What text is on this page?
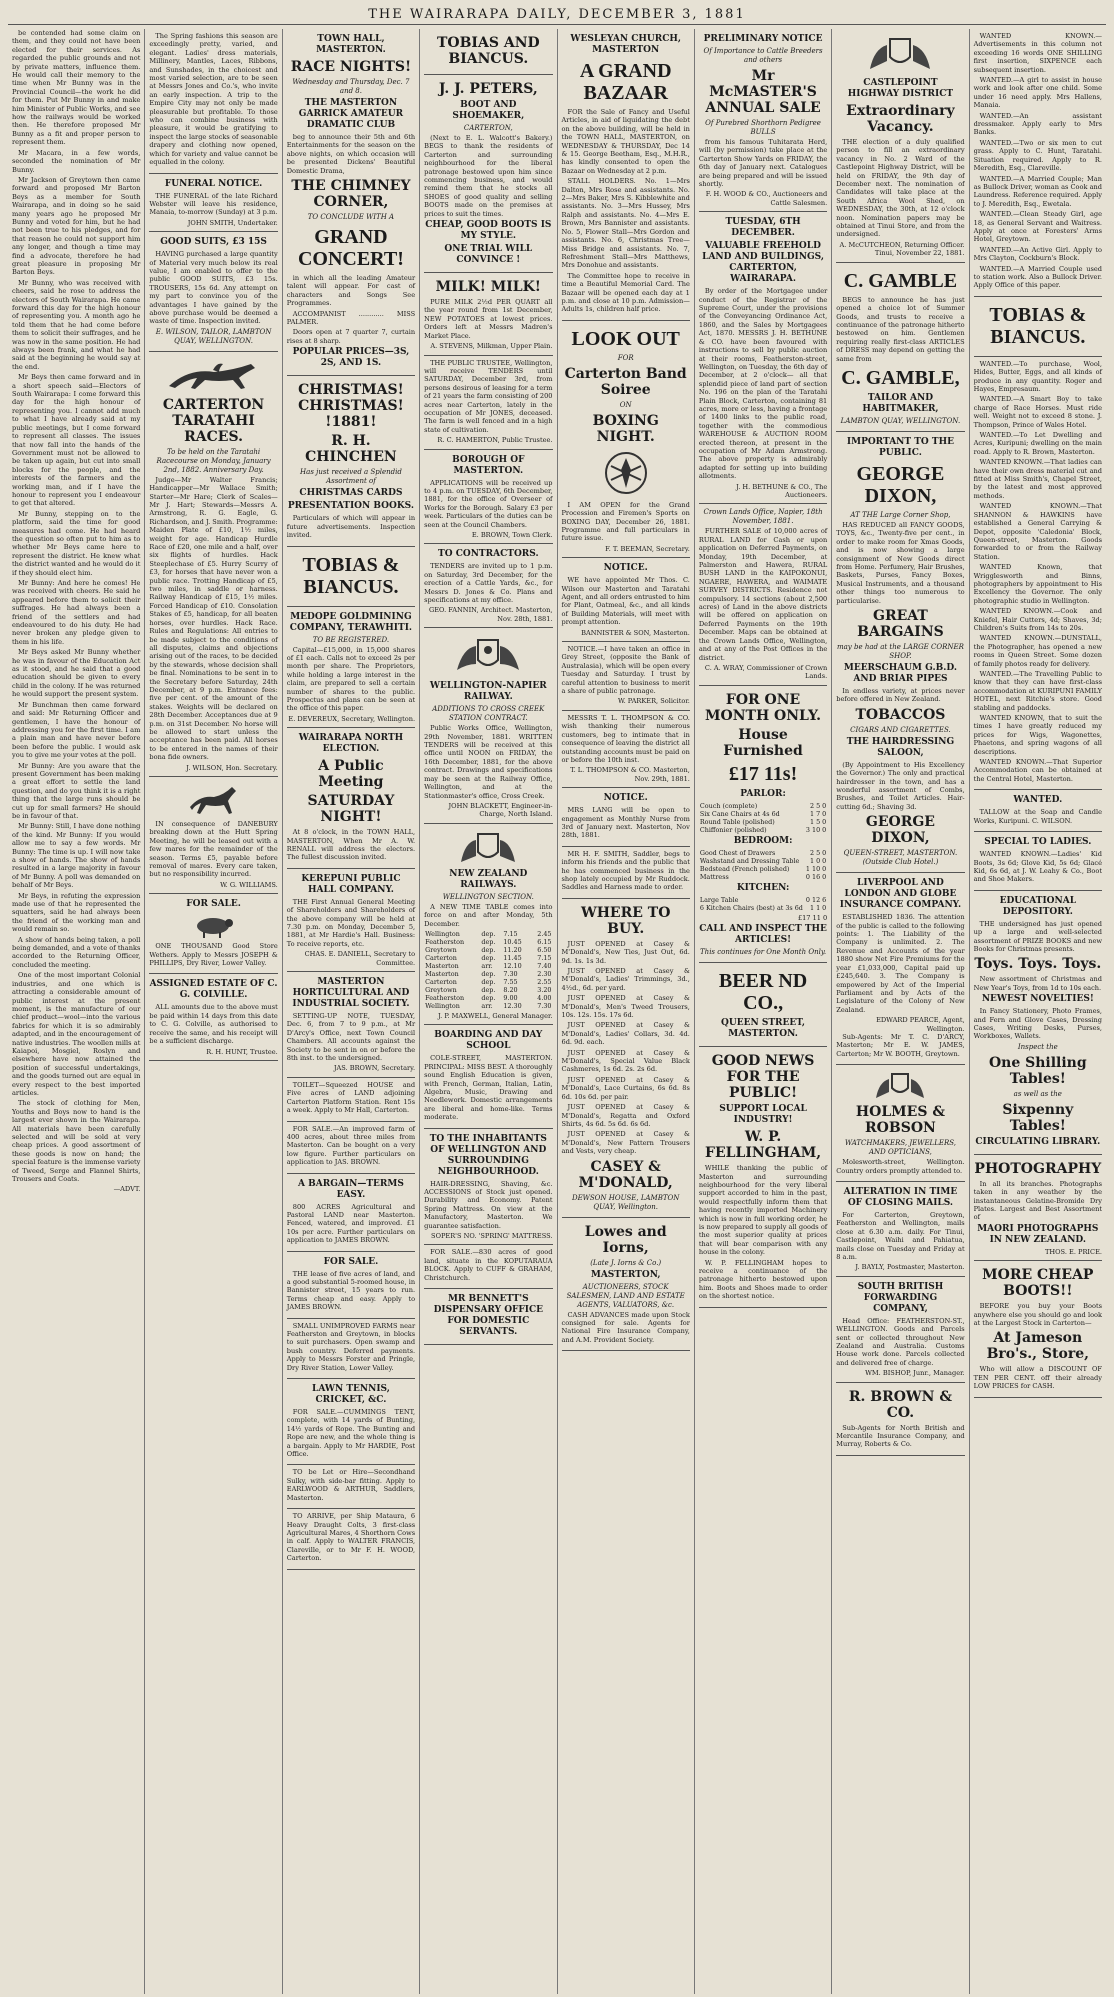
THE WAIRARAPA DAILY, DECEMBER 3, 1881

be contended had some claim on them, and they could not have been elected for their services. As regarded the public grounds and not by private matters, influence them. He would call their memory to the time when Mr Bunny was in the Provincial Council—the work he did for them. Put Mr Bunny in and make him Minister of Public Works, and see how the railways would be worked then. He therefore proposed Mr Bunny as a fit and proper person to represent them.

Mr Macara, in a few words, seconded the nomination of Mr Bunny.

Mr Jackson of Greytown then came forward and proposed Mr Barton Beys as a member for South Wairarapa, and in doing so he said many years ago he proposed Mr Bunny and voted for him, but he had not been true to his pledges, and for that reason he could not support him any longer, and though a time may find a advocate, therefore he had great pleasure in proposing Mr Barton Beys.

Mr Bunny, who was received with cheers, said he rose to address the electors of South Wairarapa. He came forward this day for the high honour of representing you. A month ago he told them that he had come before them to solicit their suffrages, and he was now in the same position. He had always been frank, and what he had said at the beginning he would say at the end.

Mr Beys then came forward and in a short speech said—Electors of South Wairarapa: I come forward this day for the high honour of representing you. I cannot add much to what I have already said at my public meetings, but I come forward to represent all classes. The issues that now fall into the hands of the Government must not be allowed to be taken up again, but cut into small blocks for the people, and the interests of the farmers and the working man, and if I have the honour to represent you I endeavour to get that altered.

Mr Bunny, stepping on to the platform, said the time for good measures had come. He had heard the question so often put to him as to whether Mr Beys came here to represent the district. He knew what the district wanted and he would do it if they should elect him.

Mr Bunny: And here he comes! He was received with cheers. He said he appeared before them to solicit their suffrages. He had always been a friend of the settlers and had endeavoured to do his duty. He had never broken any pledge given to them in his life.

Mr Beys asked Mr Bunny whether he was in favour of the Education Act as it stood, and he said that a good education should be given to every child in the colony. If he was returned he would support the present system.

Mr Bunchman then came forward and said: Mr Returning Officer and gentlemen, I have the honour of addressing you for the first time. I am a plain man and have never before been before the public. I would ask you to give me your votes at the poll.

Mr Bunny: Are you aware that the present Government has been making a great effort to settle the land question, and do you think it is a right thing that the large runs should be cut up for small farmers? He should be in favour of that.

Mr Bunny: Still, I have done nothing of the kind. Mr Bunny: If you would allow me to say a few words. Mr Bunny: The time is up. I will now take a show of hands. The show of hands resulted in a large majority in favour of Mr Bunny. A poll was demanded on behalf of Mr Beys.

Mr Beys, in refuting the expression made use of that he represented the squatters, said he had always been the friend of the working man and would remain so.

A show of hands being taken, a poll being demanded, and a vote of thanks accorded to the Returning Officer, concluded the meeting.

One of the most important Colonial industries, and one which is attracting a considerable amount of public interest at the present moment, is the manufacture of our chief product—wool—into the various fabrics for which it is so admirably adapted, and in the encouragement of native industries. The woollen mills at Kaiapoi, Mosgiel, Roslyn and elsewhere have now attained the position of successful undertakings, and the goods turned out are equal in every respect to the best imported articles.

The stock of clothing for Men, Youths and Boys now to hand is the largest ever shown in the Wairarapa. All materials have been carefully selected and will be sold at very cheap prices. A good assortment of these goods is now on hand; the special feature is the immense variety of Tweed, Serge and Flannel Shirts, Trousers and Coats.

—ADVT.

The Spring fashions this season are exceedingly pretty, varied, and elegant. Ladies' dress materials, Millinery, Mantles, Laces, Ribbons, and Sunshades, in the choicest and most varied selection, are to be seen at Messrs Jones and Co.'s, who invite an early inspection. A trip to the Empire City may not only be made pleasurable but profitable. To those who can combine business with pleasure, it would be gratifying to inspect the large stocks of seasonable drapery and clothing now opened, which for variety and value cannot be equalled in the colony.

FUNERAL NOTICE.

THE FUNERAL of the late Richard Webster will leave his residence, Manaia, to-morrow (Sunday) at 3 p.m.

JOHN SMITH, Undertaker.
GOOD SUITS, £3 15S

HAVING purchased a large quantity of Material very much below its real value, I am enabled to offer to the public GOOD SUITS, £3 15s. TROUSERS, 15s 6d. Any attempt on my part to convince you of the advantages I have gained by the above purchase would be deemed a waste of time. Inspection invited.

E. WILSON, TAILOR, LAMBTON QUAY, WELLINGTON.
CARTERTON TARATAHI RACES.
To be held on the Taratahi Racecourse on Monday, January 2nd, 1882. Anniversary Day.

Judge—Mr Walter Francis; Handicapper—Mr Wallace Smith; Starter—Mr Hare; Clerk of Scales—Mr J. Hart; Stewards—Messrs A. Armstrong, R. G. Eagle, G. Richardson, and J. Smith. Programme: Maiden Plate of £10, 1½ miles, weight for age. Handicap Hurdle Race of £20, one mile and a half, over six flights of hurdles. Hack Steeplechase of £5. Hurry Scurry of £3, for horses that have never won a public race. Trotting Handicap of £5, two miles, in saddle or harness. Railway Handicap of £15, 1½ miles. Forced Handicap of £10. Consolation Stakes of £5, handicap, for all beaten horses, over hurdles. Hack Race. Rules and Regulations: All entries to be made subject to the conditions of all disputes, claims and objections arising out of the races, to be decided by the stewards, whose decision shall be final. Nominations to be sent in to the Secretary before Saturday, 24th December, at 9 p.m. Entrance fees: five per cent. of the amount of the stakes. Weights will be declared on 28th December. Acceptances due at 9 p.m. on 31st December. No horse will be allowed to start unless the acceptance has been paid. All horses to be entered in the names of their bona fide owners.

J. WILSON, Hon. Secretary.

IN consequence of DANEBURY breaking down at the Hutt Spring Meeting, he will be leased out with a few mares for the remainder of the season. Terms £5, payable before removal of mares. Every care taken, but no responsibility incurred.

W. G. WILLIAMS.
FOR SALE.

ONE THOUSAND Good Store Wethers. Apply to Messrs JOSEPH & PHILLIPS, Dry River, Lower Valley.

ASSIGNED ESTATE OF C. G. COLVILLE.

ALL amounts due to the above must be paid within 14 days from this date to C. G. Colville, as authorised to receive the same, and his receipt will be a sufficient discharge.

R. H. HUNT, Trustee.
TOWN HALL, MASTERTON.
RACE NIGHTS!
Wednesday and Thursday, Dec. 7 and 8.
THE MASTERTON GARRICK AMATEUR DRAMATIC CLUB

beg to announce their 5th and 6th Entertainments for the season on the above nights, on which occasion will be presented Dickens' Beautiful Domestic Drama,

THE CHIMNEY CORNER,
TO CONCLUDE WITH A
GRAND CONCERT!

in which all the leading Amateur talent will appear. For cast of characters and Songs See Programmes.

ACCOMPANIST ............ MISS PALMER.

Doors open at 7 quarter 7, curtain rises at 8 sharp.

POPULAR PRICES—3S, 2S, AND 1S.
CHRISTMAS! CHRISTMAS! !1881!
R. H. CHINCHEN
Has just received a Splendid Assortment of
CHRISTMAS CARDS
PRESENTATION BOOKS.

Particulars of which will appear in future advertisements. Inspection invited.

TOBIAS & BIANCUS.
MEDOPE GOLDMINING COMPANY, TERAWHITI.
TO BE REGISTERED.

Capital—£15,000, in 15,000 shares of £1 each. Calls not to exceed 2s per month per share. The Proprietors, while holding a large interest in the claim, are prepared to sell a certain number of shares to the public. Prospectus and plans can be seen at the office of this paper.

E. DEVEREUX, Secretary, Wellington.
WAIRARAPA NORTH ELECTION.
A Public Meeting
SATURDAY NIGHT!

At 8 o'clock, in the TOWN HALL, MASTERTON, When Mr A. W. RENALL will address the electors. The fullest discussion invited.

KEREPUNI PUBLIC HALL COMPANY.

THE First Annual General Meeting of Shareholders and Shareholders of the above company will be held at 7.30 p.m. on Monday, December 5, 1881, at Mr Hardie's Hall. Business: To receive reports, etc.

CHAS. E. DANIELL, Secretary to Committee.
MASTERTON HORTICULTURAL AND INDUSTRIAL SOCIETY.

SETTING-UP NOTE, TUESDAY, Dec. 6, from 7 to 9 p.m., at Mr D'Arcy's Office, next Town Council Chambers. All accounts against the Society to be sent in on or before the 8th inst. to the undersigned.

JAS. BROWN, Secretary.

TOILET—Squeezed HOUSE and Five acres of LAND adjoining Carterton Platform Station. Rent 15s a week. Apply to Mr Hall, Carterton.

FOR SALE.—An improved farm of 400 acres, about three miles from Masterton. Can be bought on a very low figure. Further particulars on application to JAS. BROWN.

A BARGAIN—TERMS EASY.

800 ACRES Agricultural and Pastoral LAND near Masterton. Fenced, watered, and improved. £1 10s per acre. Further particulars on application to JAMES BROWN.

FOR SALE.

THE lease of five acres of land, and a good substantial 5-roomed house, in Bannister street, 15 years to run. Terms cheap and easy. Apply to JAMES BROWN.

SMALL UNIMPROVED FARMS near Featherston and Greytown, in blocks to suit purchasers. Open swamp and bush country. Deferred payments. Apply to Messrs Forster and Pringle, Dry River Station, Lower Valley.

LAWN TENNIS, CRICKET, &C.

FOR SALE.—CUMMINGS TENT, complete, with 14 yards of Bunting, 14½ yards of Rope. The Bunting and Rope are new, and the whole thing is a bargain. Apply to Mr HARDIE, Post Office.

TO be Let or Hire—Secondhand Sulky, with side-bar fitting. Apply to EARLWOOD & ARTHUR, Saddlers, Masterton.

TO ARRIVE, per Ship Mataura, 6 Heavy Draught Colts, 3 first-class Agricultural Mares, 4 Shorthorn Cows in calf. Apply to WALTER FRANCIS, Clareville, or to Mr F. H. WOOD, Carterton.

TOBIAS AND BIANCUS.
J. J. PETERS,
BOOT AND SHOEMAKER,
CARTERTON,

(Next to E. L. Walcott's Bakery.) BEGS to thank the residents of Carterton and surrounding neighbourhood for the liberal patronage bestowed upon him since commencing business, and would remind them that he stocks all SHOES of good quality and selling BOOTS made on the premises at prices to suit the times.

CHEAP, GOOD BOOTS IS MY STYLE.
ONE TRIAL WILL CONVINCE !
MILK! MILK!

PURE MILK 2½d PER QUART all the year round from 1st December, NEW POTATOES at lowest prices. Orders left at Messrs Madren's Market Place.

A. STEVENS, Milkman, Upper Plain.

THE PUBLIC TRUSTEE, Wellington, will receive TENDERS until SATURDAY, December 3rd, from persons desirous of leasing for a term of 21 years the farm consisting of 200 acres near Carterton, lately in the occupation of Mr JONES, deceased. The farm is well fenced and in a high state of cultivation.

R. C. HAMERTON, Public Trustee.
BOROUGH OF MASTERTON.

APPLICATIONS will be received up to 4 p.m. on TUESDAY, 6th December, 1881, for the office of Overseer of Works for the Borough. Salary £3 per week. Particulars of the duties can be seen at the Council Chambers.

E. BROWN, Town Clerk.
TO CONTRACTORS.

TENDERS are invited up to 1 p.m. on Saturday, 3rd December, for the erection of a Cattle Yards, &c., for Messrs D. Jones & Co. Plans and specifications at my office.

GEO. FANNIN, Architect. Masterton, Nov. 28th, 1881.
WELLINGTON-NAPIER RAILWAY.
ADDITIONS TO CROSS CREEK STATION CONTRACT.

Public Works Office, Wellington, 29th November, 1881. WRITTEN TENDERS will be received at this office until NOON on FRIDAY, the 16th December, 1881, for the above contract. Drawings and specifications may be seen at the Railway Office, Wellington, and at the Stationmaster's office, Cross Creek.

JOHN BLACKETT, Engineer-in-Charge, North Island.
NEW ZEALAND RAILWAYS.
WELLINGTON SECTION.

A NEW TIME TABLE comes into force on and after Monday, 5th December.

Wellington	dep.	7.15	2.45
Featherston	dep.	10.45	6.15
Greytown	dep.	11.20	6.50
Carterton	dep.	11.45	7.15
Masterton	arr.	12.10	7.40
Masterton	dep.	7.30	2.30
Carterton	dep.	7.55	2.55
Greytown	dep.	8.20	3.20
Featherston	dep.	9.00	4.00
Wellington	arr.	12.30	7.30
J. P. MAXWELL, General Manager.
BOARDING AND DAY SCHOOL

COLE-STREET, MASTERTON. PRINCIPAL: MISS BEST. A thoroughly sound English Education is given, with French, German, Italian, Latin, Algebra, Music, Drawing and Needlework. Domestic arrangements are liberal and home-like. Terms moderate.

TO THE INHABITANTS OF WELLINGTON AND SURROUNDING NEIGHBOURHOOD.

HAIR-DRESSING, Shaving, &c. ACCESSIONS of Stock just opened. Durability and Economy. Patent Spring Mattress. On view at the Manufactory, Masterton. We guarantee satisfaction.

SOPER'S NO. 'SPRING' MATTRESS.

FOR SALE.—830 acres of good land, situate in the KOPUTARAUA BLOCK. Apply to CUFF & GRAHAM, Christchurch.

MR BENNETT'S DISPENSARY OFFICE FOR DOMESTIC SERVANTS.
WESLEYAN CHURCH, MASTERTON
A GRAND BAZAAR

FOR the Sale of Fancy and Useful Articles, in aid of liquidating the debt on the above building, will be held in the TOWN HALL, MASTERTON, on WEDNESDAY & THURSDAY, Dec 14 & 15. George Beetham, Esq., M.H.R., has kindly consented to open the Bazaar on Wednesday at 2 p.m.

STALL HOLDERS. No. 1—Mrs Dalton, Mrs Rose and assistants. No. 2—Mrs Baker, Mrs S. Kibblewhite and assistants. No. 3—Mrs Hussey, Mrs Ralph and assistants. No. 4—Mrs E. Brown, Mrs Bannister and assistants. No. 5, Flower Stall—Mrs Gordon and assistants. No. 6, Christmas Tree—Miss Bridge and assistants. No. 7, Refreshment Stall—Mrs Matthews, Mrs Donohue and assistants.

The Committee hope to receive in time a Beautiful Memorial Card. The Bazaar will be opened each day at 1 p.m. and close at 10 p.m. Admission—Adults 1s, children half price.

LOOK OUT
FOR
Carterton Band Soiree
ON
BOXING NIGHT.

I AM OPEN for the Grand Procession and Firemen's Sports on BOXING DAY, December 26, 1881. Programme and full particulars in future issue.

F. T. BEEMAN, Secretary.
NOTICE.

WE have appointed Mr Thos. C. Wilson our Masterton and Taratahi Agent, and all orders entrusted to him for Plant, Oatmeal, &c., and all kinds of Building Materials, will meet with prompt attention.

BANNISTER & SON, Masterton.

NOTICE.—I have taken an office in Grey Street, (opposite the Bank of Australasia), which will be open every Tuesday and Saturday. I trust by careful attention to business to merit a share of public patronage.

W. PARKER, Solicitor.

MESSRS T. L. THOMPSON & CO. wish thanking their numerous customers, beg to intimate that in consequence of leaving the district all outstanding accounts must be paid on or before the 10th inst.

T. L. THOMPSON & CO. Masterton, Nov. 29th, 1881.
NOTICE.

MRS LANG will be open to engagement as Monthly Nurse from 3rd of January next. Masterton, Nov 28th, 1881.

MR H. F. SMITH, Saddler, begs to inform his friends and the public that he has commenced business in the shop lately occupied by Mr Ruddock. Saddles and Harness made to order.

WHERE TO BUY.

JUST OPENED at Casey & M'Donald's, New Ties, Just Out, 6d. 9d. 1s. 1s 3d.

JUST OPENED at Casey & M'Donald's, Ladies' Trimmings, 3d., 4½d., 6d. per yard.

JUST OPENED at Casey & M'Donald's, Men's Tweed Trousers, 10s. 12s. 15s. 17s 6d.

JUST OPENED at Casey & M'Donald's, Ladies' Collars, 3d. 4d. 6d. 9d. each.

JUST OPENED at Casey & M'Donald's, Special Value Black Cashmeres, 1s 6d. 2s. 2s 6d.

JUST OPENED at Casey & M'Donald's, Lace Curtains, 6s 6d. 8s 6d. 10s 6d. per pair.

JUST OPENED at Casey & M'Donald's, Regatta and Oxford Shirts, 4s 6d. 5s 6d. 6s 6d.

JUST OPENED at Casey & M'Donald's, New Pattern Trousers and Vests, very cheap.

CASEY & M'DONALD,
DEWSON HOUSE, LAMBTON QUAY, Wellington.
Lowes and Iorns,
(Late J. Iorns & Co.)
MASTERTON,
AUCTIONEERS, STOCK SALESMEN, LAND AND ESTATE AGENTS, VALUATORS, &c.

CASH ADVANCES made upon Stock consigned for sale. Agents for National Fire Insurance Company, and A.M. Provident Society.

PRELIMINARY NOTICE
Of Importance to Cattle Breeders and others
Mr McMASTER'S ANNUAL SALE
Of Purebred Shorthorn Pedigree BULLS

from his famous Tuhitarata Herd, will (by permission) take place at the Carterton Show Yards on FRIDAY, the 6th day of January next. Catalogues are being prepared and will be issued shortly.

F. H. WOOD & CO., Auctioneers and Cattle Salesmen.
TUESDAY, 6TH DECEMBER.
VALUABLE FREEHOLD LAND AND BUILDINGS, CARTERTON, WAIRARAPA.

By order of the Mortgagee under conduct of the Registrar of the Supreme Court, under the provisions of the Conveyancing Ordinance Act, 1860, and the Sales by Mortgagees Act, 1870. MESSRS J. H. BETHUNE & CO. have been favoured with instructions to sell by public auction at their rooms, Featherston-street, Wellington, on Tuesday, the 6th day of December, at 2 o'clock— all that splendid piece of land part of section No. 196 on the plan of the Taratahi Plain Block, Carterton, containing 81 acres, more or less, having a frontage of 1400 links to the public road, together with the commodious WAREHOUSE & AUCTION ROOM erected thereon, at present in the occupation of Mr Adam Armstrong. The above property is admirably adapted for setting up into building allotments.

J. H. BETHUNE & CO., The Auctioneers.
Crown Lands Office, Napier, 18th November, 1881.

FURTHER SALE of 10,000 acres of RURAL LAND for Cash or upon application on Deferred Payments, on Monday, 19th December, at Palmerston and Hawera, RURAL BUSH LAND in the KAIPOKONUI, NGAERE, HAWERA, and WAIMATE SURVEY DISTRICTS. Residence not compulsory. 14 sections (about 2,500 acres) of Land in the above districts will be offered on application on Deferred Payments on the 19th December. Maps can be obtained at the Crown Lands Office, Wellington, and at any of the Post Offices in the district.

C. A. WRAY, Commissioner of Crown Lands.
FOR ONE MONTH ONLY.
House Furnished
£17 11s!
PARLOR:
Couch (complete)	2 5 0
Six Cane Chairs at 4s 6d	1 7 0
Round Table (polished)	1 5 0
Chiffonier (polished)	3 10 0
BEDROOM:
Good Chest of Drawers	2 5 0
Washstand and Dressing Table	1 0 0
Bedstead (French polished)	1 10 0
Mattress	0 16 0
KITCHEN:
Large Table	0 12 6
6 Kitchen Chairs (best) at 3s 6d	1 1 0
£17 11 0
CALL AND INSPECT THE ARTICLES!
This continues for One Month Only.
BEER ND CO.,
QUEEN STREET, MASTERTON.
GOOD NEWS FOR THE PUBLIC!
SUPPORT LOCAL INDUSTRY!
W. P. FELLINGHAM,

WHILE thanking the public of Masterton and surrounding neighbourhood for the very liberal support accorded to him in the past, would respectfully inform them that having recently imported Machinery which is now in full working order, he is now prepared to supply all goods of the most superior quality at prices that will bear comparison with any house in the colony.

W. P. FELLINGHAM hopes to receive a continuance of the patronage hitherto bestowed upon him. Boots and Shoes made to order on the shortest notice.

CASTLEPOINT HIGHWAY DISTRICT
Extraordinary Vacancy.

THE election of a duly qualified person to fill an extraordinary vacancy in No. 2 Ward of the Castlepoint Highway District, will be held on FRIDAY, the 9th day of December next. The nomination of Candidates will take place at the South Africa Wool Shed, on WEDNESDAY, the 30th, at 12 o'clock noon. Nomination papers may be obtained at Tinui Store, and from the undersigned.

A. McCUTCHEON, Returning Officer. Tinui, November 22, 1881.
C. GAMBLE

BEGS to announce he has just opened a choice lot of Summer Goods, and trusts to receive a continuance of the patronage hitherto bestowed on him. Gentlemen requiring really first-class ARTICLES of DRESS may depend on getting the same from

C. GAMBLE,
TAILOR AND HABITMAKER,
LAMBTON QUAY, WELLINGTON.
IMPORTANT TO THE PUBLIC.
GEORGE DIXON,
AT THE Large Corner Shop,

HAS REDUCED all FANCY GOODS, TOYS, &c., Twenty-five per cent., in order to make room for Xmas Goods, and is now showing a large consignment of New Goods direct from Home. Perfumery, Hair Brushes, Baskets, Purses, Fancy Boxes, Musical Instruments, and a thousand other things too numerous to particularise.

GREAT BARGAINS
may be had at the LARGE CORNER SHOP.
MEERSCHAUM G.B.D. AND BRIAR PIPES

In endless variety, at prices never before offered in New Zealand.

TOBACCOS
CIGARS AND CIGARETTES.
THE HAIRDRESSING SALOON,

(By Appointment to His Excellency the Governor.) The only and practical hairdresser in the town, and has a wonderful assortment of Combs, Brushes, and Toilet Articles. Hair-cutting 6d.; Shaving 3d.

GEORGE DIXON,
QUEEN-STREET, MASTERTON. (Outside Club Hotel.)
LIVERPOOL AND LONDON AND GLOBE INSURANCE COMPANY.

ESTABLISHED 1836. The attention of the public is called to the following points: 1. The Liability of the Company is unlimited. 2. The Revenue and Accounts of the year 1880 show Net Fire Premiums for the year £1,033,000, Capital paid up £245,640. 3. The Company is empowered by Act of the Imperial Parliament and by Acts of the Legislature of the Colony of New Zealand.

EDWARD PEARCE, Agent, Wellington.

Sub-Agents: Mr T. C. D'ARCY, Masterton; Mr E. W. JAMES, Carterton; Mr W. BOOTH, Greytown.

HOLMES & ROBSON
WATCHMAKERS, JEWELLERS, AND OPTICIANS,

Molesworth-street, Wellington. Country orders promptly attended to.

ALTERATION IN TIME OF CLOSING MAILS.

For Carterton, Greytown, Featherston and Wellington, mails close at 6.30 a.m. daily. For Tinui, Castlepoint, Waihi and Pahiatua, mails close on Tuesday and Friday at 8 a.m.

J. BAYLY, Postmaster, Masterton.
SOUTH BRITISH FORWARDING COMPANY,

Head Office: FEATHERSTON-ST., WELLINGTON. Goods and Parcels sent or collected throughout New Zealand and Australia. Customs House work done. Parcels collected and delivered free of charge.

WM. BISHOP, Junr., Manager.
R. BROWN & CO.

Sub-Agents for North British and Mercantile Insurance Company, and Murray, Roberts & Co.

WANTED KNOWN.—Advertisements in this column not exceeding 16 words ONE SHILLING first insertion, SIXPENCE each subsequent insertion.

WANTED.—A girl to assist in house work and look after one child. Some under 16 need apply. Mrs Hallens, Manaia.

WANTED.—An assistant dressmaker. Apply early to Mrs Banks.

WANTED.—Two or six men to cut grass. Apply to C. Hunt, Taratahi. Situation required. Apply to R. Meredith, Esq., Clareville.

WANTED.—A Married Couple; Man as Bullock Driver, woman as Cook and Laundress. Reference required. Apply to J. Meredith, Esq., Ewetala.

WANTED.—Clean Steady Girl, age 18, as General Servant and Waitress. Apply at once at Foresters' Arms Hotel, Greytown.

WANTED.—An Active Girl. Apply to Mrs Clayton, Cockburn's Block.

WANTED.—A Married Couple used to station work. Also a Bullock Driver. Apply Office of this paper.

TOBIAS & BIANCUS.

WANTED.—To purchase, Wool, Hides, Butter, Eggs, and all kinds of produce in any quantity. Roger and Hayes, Empresaum.

WANTED.—A Smart Boy to take charge of Race Horses. Must ride well. Weight not to exceed 8 stone. J. Thompson, Prince of Wales Hotel.

WANTED.—To Let Dwelling and Acres, Kuripuni; dwelling on the main road. Apply to R. Brown, Masterton.

WANTED KNOWN.—That ladies can have their own dress material cut and fitted at Miss Smith's, Chapel Street, by the latest and most approved methods.

WANTED KNOWN.—That SHANNON & HAWKINS have established a General Carrying & Depot, opposite 'Caledonia' Block, Queen-street, Masterton. Goods forwarded to or from the Railway Station.

WANTED Known, that Wrigglesworth and Binns, photographers by appointment to His Excellency the Governor. The only photographic studio in Wellington.

WANTED KNOWN.—Cook and Kniefel, Hair Cutters, 4d; Shaves, 3d; Children's Suits from 14s to 20s.

WANTED KNOWN.—DUNSTALL, the Photographer, has opened a new rooms in Queen Street. Some dozen of family photos ready for delivery.

WANTED.—The Travelling Public to know that they can have first-class accommodation at KURIPUNI FAMILY HOTEL, next Ritchie's store. Good stabling and paddocks.

WANTED KNOWN, that to suit the times I have greatly reduced my prices for Wigs, Wagonettes, Phaetons, and spring wagons of all descriptions.

WANTED KNOWN.—That Superior Accommodation can be obtained at the Central Hotel, Masterton.

WANTED.

TALLOW at the Soap and Candle Works, Kuripuni. C. WILSON.

SPECIAL TO LADIES.

WANTED KNOWN.—Ladies' Kid Boots, 3s 6d; Glove Kid, 5s 6d; Glacé Kid, 6s 6d, at J. W. Leahy & Co., Boot and Shoe Makers.

EDUCATIONAL DEPOSITORY.

THE undersigned has just opened up a large and well-selected assortment of PRIZE BOOKS and new Books for Christmas presents.

Toys. Toys. Toys.

New assortment of Christmas and New Year's Toys, from 1d to 10s each.

NEWEST NOVELTIES!

In Fancy Stationery, Photo Frames, and Fern and Glove Cases, Dressing Cases, Writing Desks, Purses, Workboxes, Wallets.

Inspect the
One Shilling Tables!
as well as the
Sixpenny Tables!
CIRCULATING LIBRARY.
PHOTOGRAPHY

In all its branches. Photographs taken in any weather by the instantaneous Gelatine-Bromide Dry Plates. Largest and Best Assortment of

MAORI PHOTOGRAPHS IN NEW ZEALAND.
THOS. E. PRICE.
MORE CHEAP BOOTS!!

BEFORE you buy your Boots anywhere else you should go and look at the Largest Stock in Carterton—

At Jameson Bro's., Store,

Who will allow a DISCOUNT OF TEN PER CENT. off their already LOW PRICES for CASH.
